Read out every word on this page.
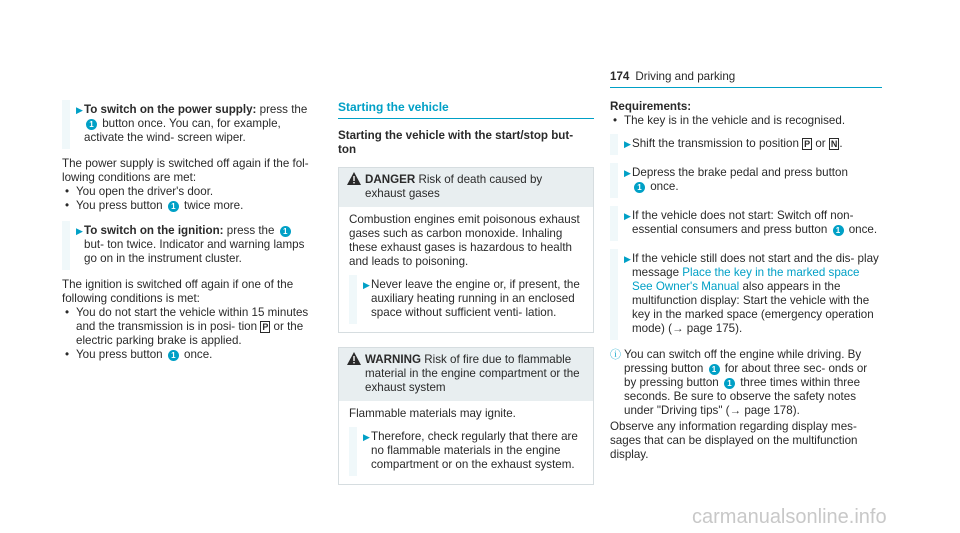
174 Driving and parking
▶
To switch on the power supply: press the
1 button once. You can, for example, activate the wind- screen wiper.

The power supply is switched off again if the fol- lowing conditions are met:

• You open the driver's door.
• You press button 1 twice more.
▶
To switch on the ignition: press the 1 but- ton twice. Indicator and warning lamps go on in the instrument cluster.

The ignition is switched off again if one of the following conditions is met:

• You do not start the vehicle within 15 minutes and the transmission is in posi- tion P or the electric parking brake is applied.
• You press button 1 once.
Starting the vehicle
Starting the vehicle with the start/stop but- ton
DANGER Risk of death caused by exhaust gases

Combustion engines emit poisonous exhaust gases such as carbon monoxide. Inhaling these exhaust gases is hazardous to health and leads to poisoning.

▶
Never leave the engine or, if present, the auxiliary heating running in an enclosed space without sufficient venti- lation.
WARNING Risk of fire due to flammable material in the engine compartment or the exhaust system

Flammable materials may ignite.

▶
Therefore, check regularly that there are no flammable materials in the engine compartment or on the exhaust system.
Requirements:
• The key is in the vehicle and is recognised.
▶
Shift the transmission to position P or N .
▶
Depress the brake pedal and press button
1 once.
▶
If the vehicle does not start: Switch off non- essential consumers and press button 1 once.
▶
If the vehicle still does not start and the dis- play message Place the key in the marked space See Owner's Manual also appears in the multifunction display: Start the vehicle with the key in the marked space (emergency operation mode) (→ page 175).
ⓘ You can switch off the engine while driving. By pressing button 1 for about three sec- onds or by pressing button 1 three times within three seconds. Be sure to observe the safety notes under "Driving tips" (→ page 178).

Observe any information regarding display mes- sages that can be displayed on the multifunction display.

carmanualsonline.info
